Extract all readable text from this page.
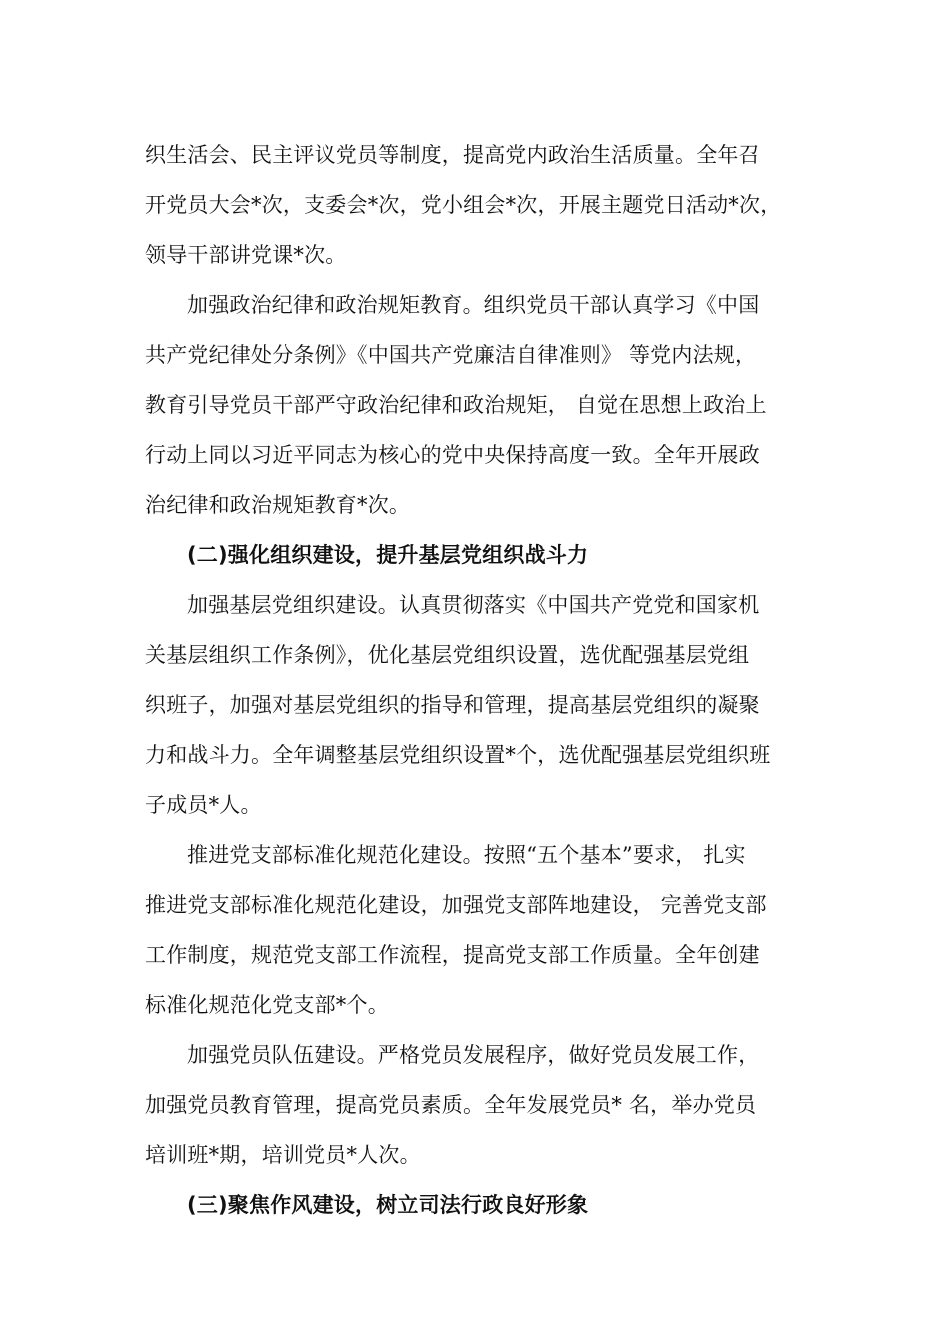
织生活会、民主评议党员等制度，提高党内政治生活质量。全年召
开党员大会*次，支委会*次，党小组会*次，开展主题党日活动*次，
领导干部讲党课*次。
加强政治纪律和政治规矩教育。组织党员干部认真学习《中国
共产党纪律处分条例》《中国共产党廉洁自律准则》 等党内法规，
教育引导党员干部严守政治纪律和政治规矩， 自觉在思想上政治上
行动上同以习近平同志为核心的党中央保持高度一致。全年开展政
治纪律和政治规矩教育*次。
(二)强化组织建设，提升基层党组织战斗力
加强基层党组织建设。认真贯彻落实《中国共产党党和国家机
关基层组织工作条例》，优化基层党组织设置，选优配强基层党组
织班子，加强对基层党组织的指导和管理，提高基层党组织的凝聚
力和战斗力。全年调整基层党组织设置*个，选优配强基层党组织班
子成员*人。
推进党支部标准化规范化建设。按照“五个基本”要求， 扎实
推进党支部标准化规范化建设，加强党支部阵地建设， 完善党支部
工作制度，规范党支部工作流程，提高党支部工作质量。全年创建
标准化规范化党支部*个。
加强党员队伍建设。严格党员发展程序，做好党员发展工作，
加强党员教育管理，提高党员素质。全年发展党员* 名，举办党员
培训班*期，培训党员*人次。
(三)聚焦作风建设，树立司法行政良好形象
